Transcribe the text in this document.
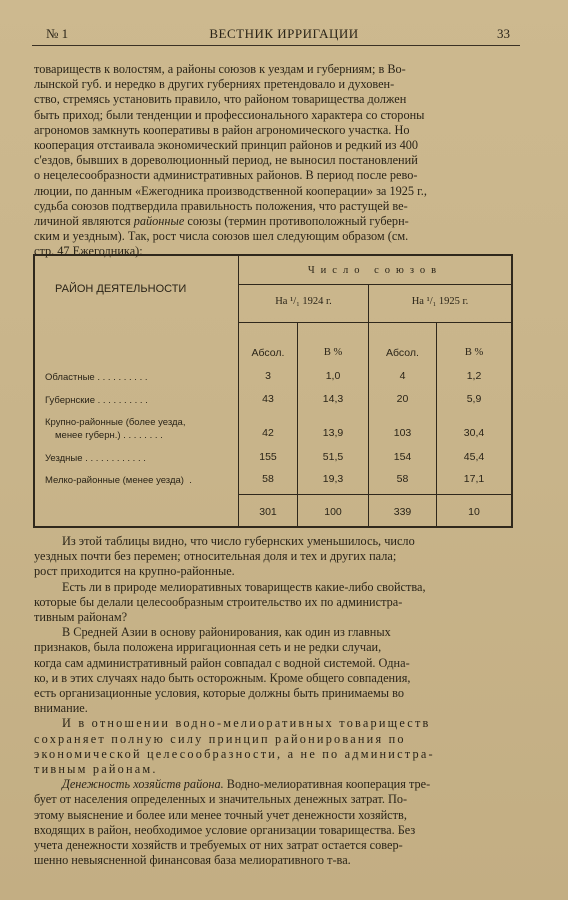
№ 1	ВЕСТНИК ИРРИГАЦИИ	33

товариществ к волостям, а районы союзов к уездам и губерниям; в Во-

лынской губ. и нередко в других губерниях претендовало и духовен-

ство, стремясь установить правило, что районом товарищества должен

быть приход; были тенденции и профессионального характера со стороны

агрономов замкнуть кооперативы в район агрономического участка. Но

кооперация отстаивала экономический принцип районов и редкий из 400

с'ездов, бывших в дореволюционный период, не выносил постановлений

о нецелесообразности административных районов. В период после рево-

люции, по данным «Ежегодника производственной кооперации» за 1925 г.,

судьба союзов подтвердила правильность положения, что растущей ве-

личиной являются районные союзы (термин противоположный губерн-

ским и уездным). Так, рост числа союзов шел следующим образом (см.

стр. 47 Ежегодника):

РАЙОН ДЕЯТЕЛЬНОСТИ
Число союзов
На ¹/₁ 1924 г.	На ¹/₁ 1925 г.
Абсол.	В %	Абсол.	В %
Областные . . . . . . . . . .	3	1,0	4	1,2
Губернские . . . . . . . . . .	43	14,3	20	5,9
Крупно-районные (более уезда,
менее губерн.) . . . . . . . .	42	13,9	103	30,4
Уездные . . . . . . . . . . . .	155	51,5	154	45,4
Мелко-районные (менее уезда)  .	58	19,3	58	17,1
301	100	339	10

Из этой таблицы видно, что число губернских уменьшилось, число

уездных почти без перемен; относительная доля и тех и других пала;

рост приходится на крупно-районные.

Есть ли в природе мелиоративных товариществ какие-либо свойства,

которые бы делали целесообразным строительство их по администра-

тивным районам?

В Средней Азии в основу районирования, как один из главных

признаков, была положена ирригационная сеть и не редки случаи,

когда сам административный район совпадал с водной системой. Одна-

ко, и в этих случаях надо быть осторожным. Кроме общего совпадения,

есть организационные условия, которые должны быть принимаемы во

внимание.

И в отношении водно-мелиоративных товариществ

сохраняет полную силу принцип районирования по

экономической целесообразности, а не по администра-

тивным районам.

Денежность хозяйств района. Водно-мелиоративная кооперация тре-

бует от населения определенных и значительных денежных затрат. По-

этому выяснение и более или менее точный учет денежности хозяйств,

входящих в район, необходимое условие организации товарищества. Без

учета денежности хозяйств и требуемых от них затрат остается совер-

шенно невыясненной финансовая база мелиоративного т-ва.
